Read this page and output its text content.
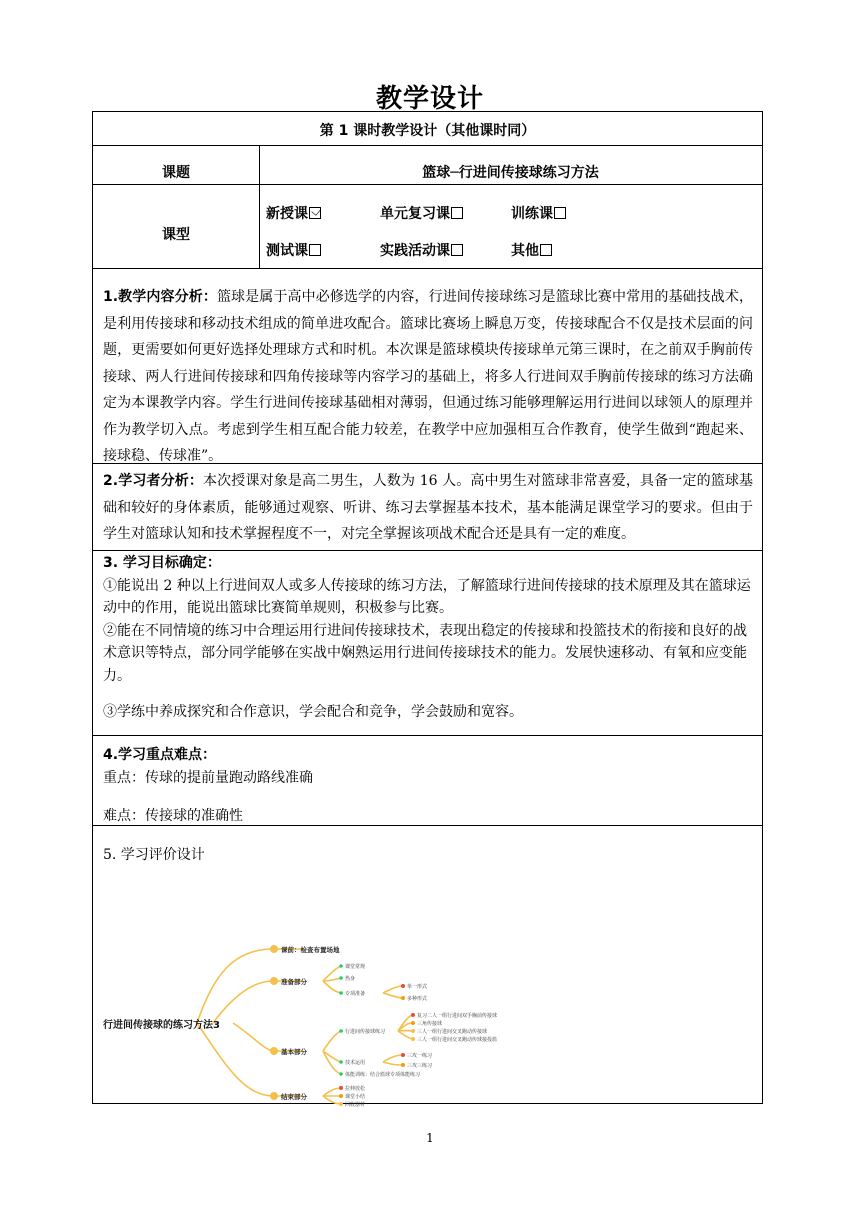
教学设计
第 1 课时教学设计（其他课时同）
课题	篮球─行进间传接球练习方法
课型
新授课	单元复习课	训练课
测试课	实践活动课	其他
1.教学内容分析：篮球是属于高中必修选学的内容，行进间传接球练习是篮球比赛中常用的基础技战术，是利用传接球和移动技术组成的简单进攻配合。篮球比赛场上瞬息万变，传接球配合不仅是技术层面的问题，更需要如何更好选择处理球方式和时机。本次课是篮球模块传接球单元第三课时，在之前双手胸前传接球、两人行进间传接球和四角传接球等内容学习的基础上，将多人行进间双手胸前传接球的练习方法确定为本课教学内容。学生行进间传接球基础相对薄弱，但通过练习能够理解运用行进间以球领人的原理并作为教学切入点。考虑到学生相互配合能力较差，在教学中应加强相互合作教育，使学生做到“跑起来、接球稳、传球准”。
2.学习者分析：本次授课对象是高二男生，人数为 16 人。高中男生对篮球非常喜爱，具备一定的篮球基础和较好的身体素质，能够通过观察、听讲、练习去掌握基本技术，基本能满足课堂学习的要求。但由于学生对篮球认知和技术掌握程度不一，对完全掌握该项战术配合还是具有一定的难度。
3. 学习目标确定：
①能说出 2 种以上行进间双人或多人传接球的练习方法，了解篮球行进间传接球的技术原理及其在篮球运动中的作用，能说出篮球比赛简单规则，积极参与比赛。
②能在不同情境的练习中合理运用行进间传接球技术，表现出稳定的传接球和投篮技术的衔接和良好的战术意识等特点，部分同学能够在实战中娴熟运用行进间传接球技术的能力。发展快速移动、有氧和应变能力。
③学练中养成探究和合作意识，学会配合和竞争，学会鼓励和宽容。
4.学习重点难点：
重点：传球的提前量跑动路线准确
难点：传接球的准确性
5. 学习评价设计
行进间传接球的练习方法3
课前：检查布置场地
准备部分
基本部分
结束部分
课堂常规
热身
专项准备
单一形式
多种形式
行进间传接球练习
技术运用
体能训练：结合篮球专项体能练习
复习二人一组行进间双手胸前传接球
三角传接球
三人一组行进间交叉跑动传接球
三人一组行进间交叉跑动传球接投篮
三攻一练习
三攻三练习
拉伸放松
课堂小结
回收器材
1
